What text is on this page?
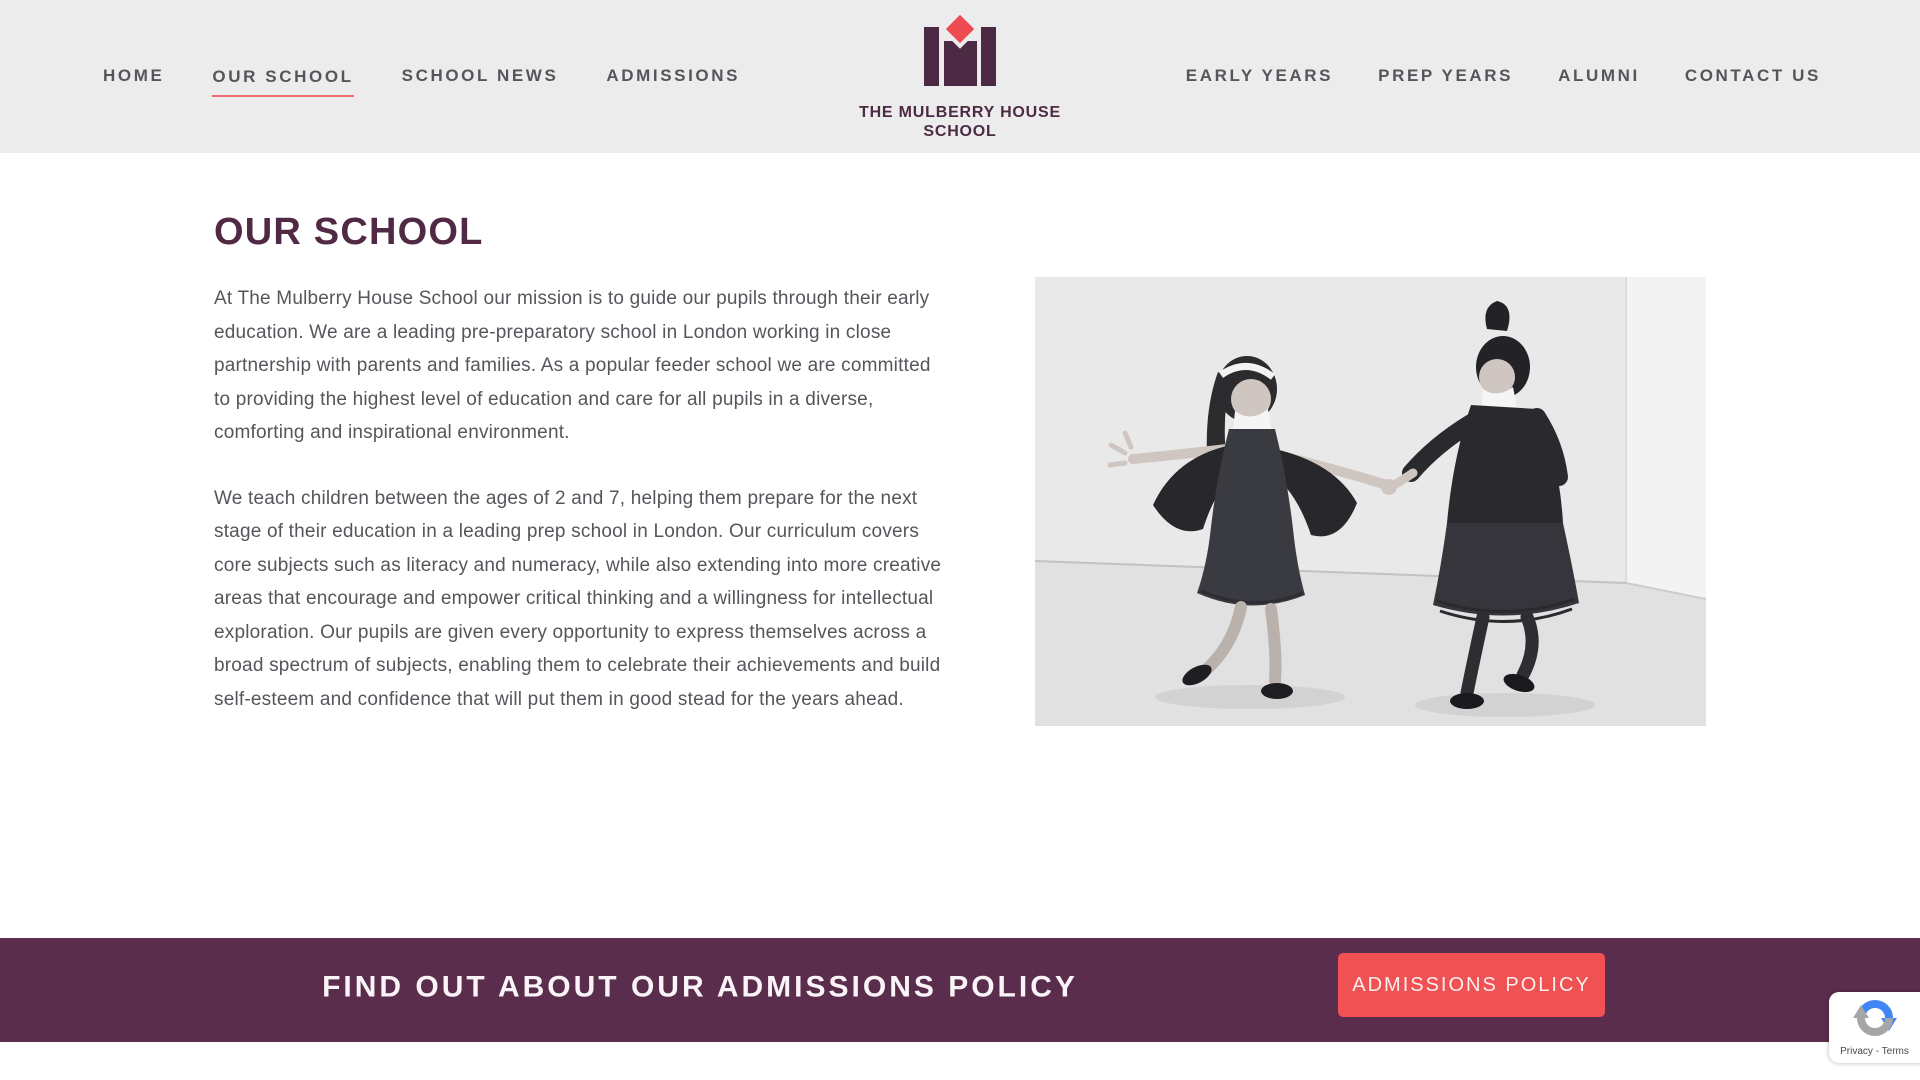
HOME	OUR SCHOOL	SCHOOL NEWS	ADMISSIONS
THE MULBERRY HOUSE
SCHOOL
EARLY YEARS	PREP YEARS	ALUMNI	CONTACT US
OUR SCHOOL

At The Mulberry House School our mission is to guide our pupils through their early education. We are a leading pre-preparatory school in London working in close partnership with parents and families. As a popular feeder school we are committed to providing the highest level of education and care for all pupils in a diverse, comforting and inspirational environment.

We teach children between the ages of 2 and 7, helping them prepare for the next stage of their education in a leading prep school in London. Our curriculum covers core subjects such as literacy and numeracy, while also extending into more creative areas that encourage and empower critical thinking and a willingness for intellectual exploration. Our pupils are given every opportunity to express themselves across a broad spectrum of subjects, enabling them to celebrate their achievements and build self-esteem and confidence that will put them in good stead for the years ahead.

FIND OUT ABOUT OUR ADMISSIONS POLICY	ADMISSIONS POLICY
Privacy - Terms
